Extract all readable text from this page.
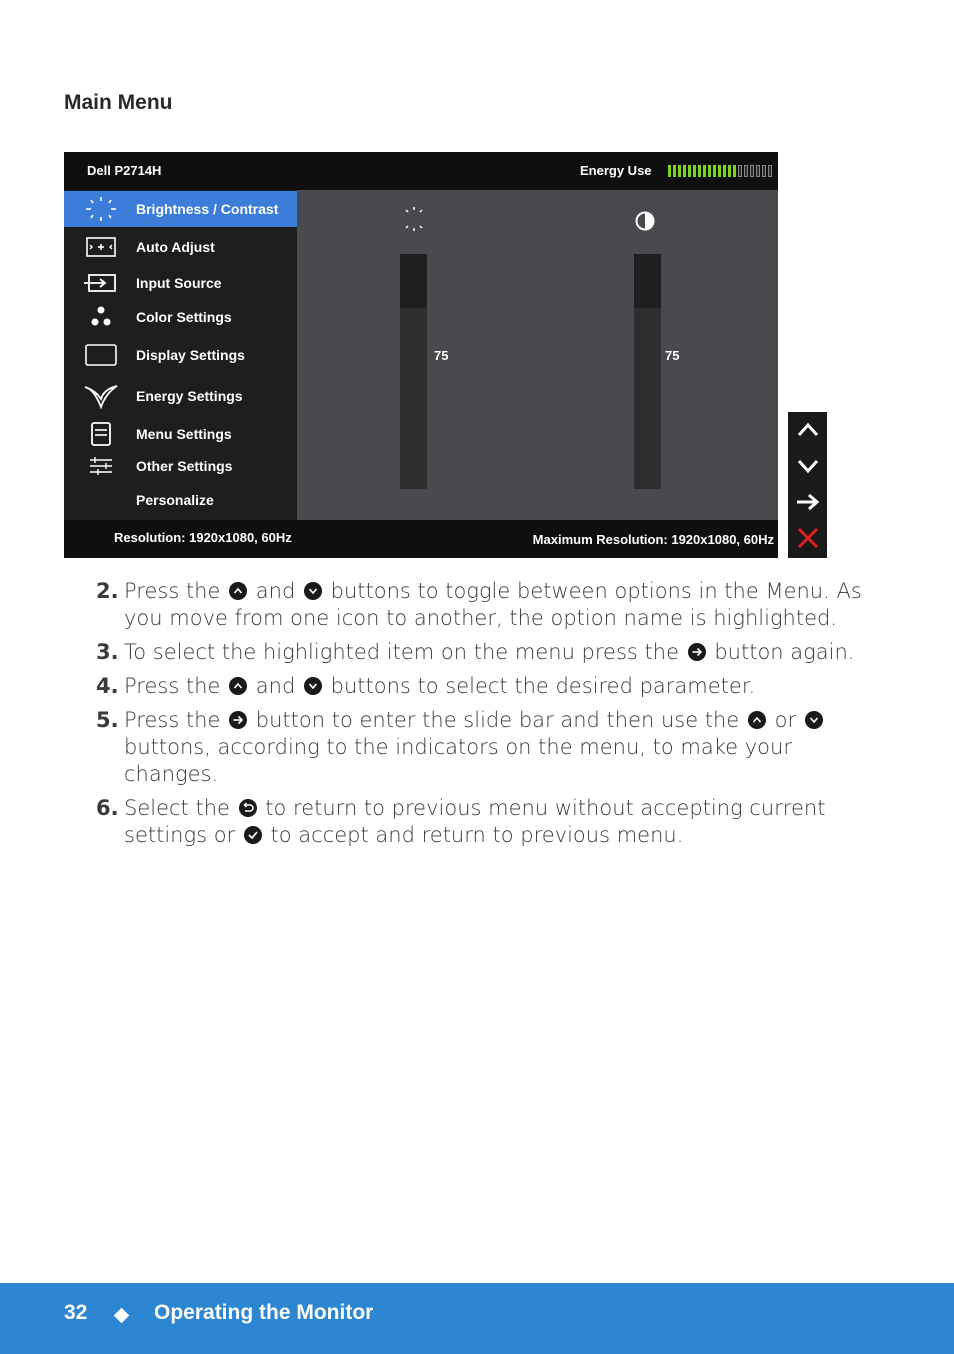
Main Menu
Dell P2714H	Energy Use
Brightness / Contrast
Auto Adjust
Input Source
Color Settings
Display Settings
Energy Settings
Menu Settings
Other Settings
Personalize
75	75
Resolution: 1920x1080, 60Hz	Maximum Resolution: 1920x1080, 60Hz
2. Press the
and
buttons to toggle between options in the Menu. As you move from one icon to another, the option name is highlighted.
3. To select the highlighted item on the menu press the
button again.
4. Press the
and
buttons to select the desired parameter.
5. Press the
button to enter the slide bar and then use the
or
buttons, according to the indicators on the menu, to make your changes.
6. Select the
to return to previous menu without accepting current settings or
to accept and return to previous menu.
32	Operating the Monitor
